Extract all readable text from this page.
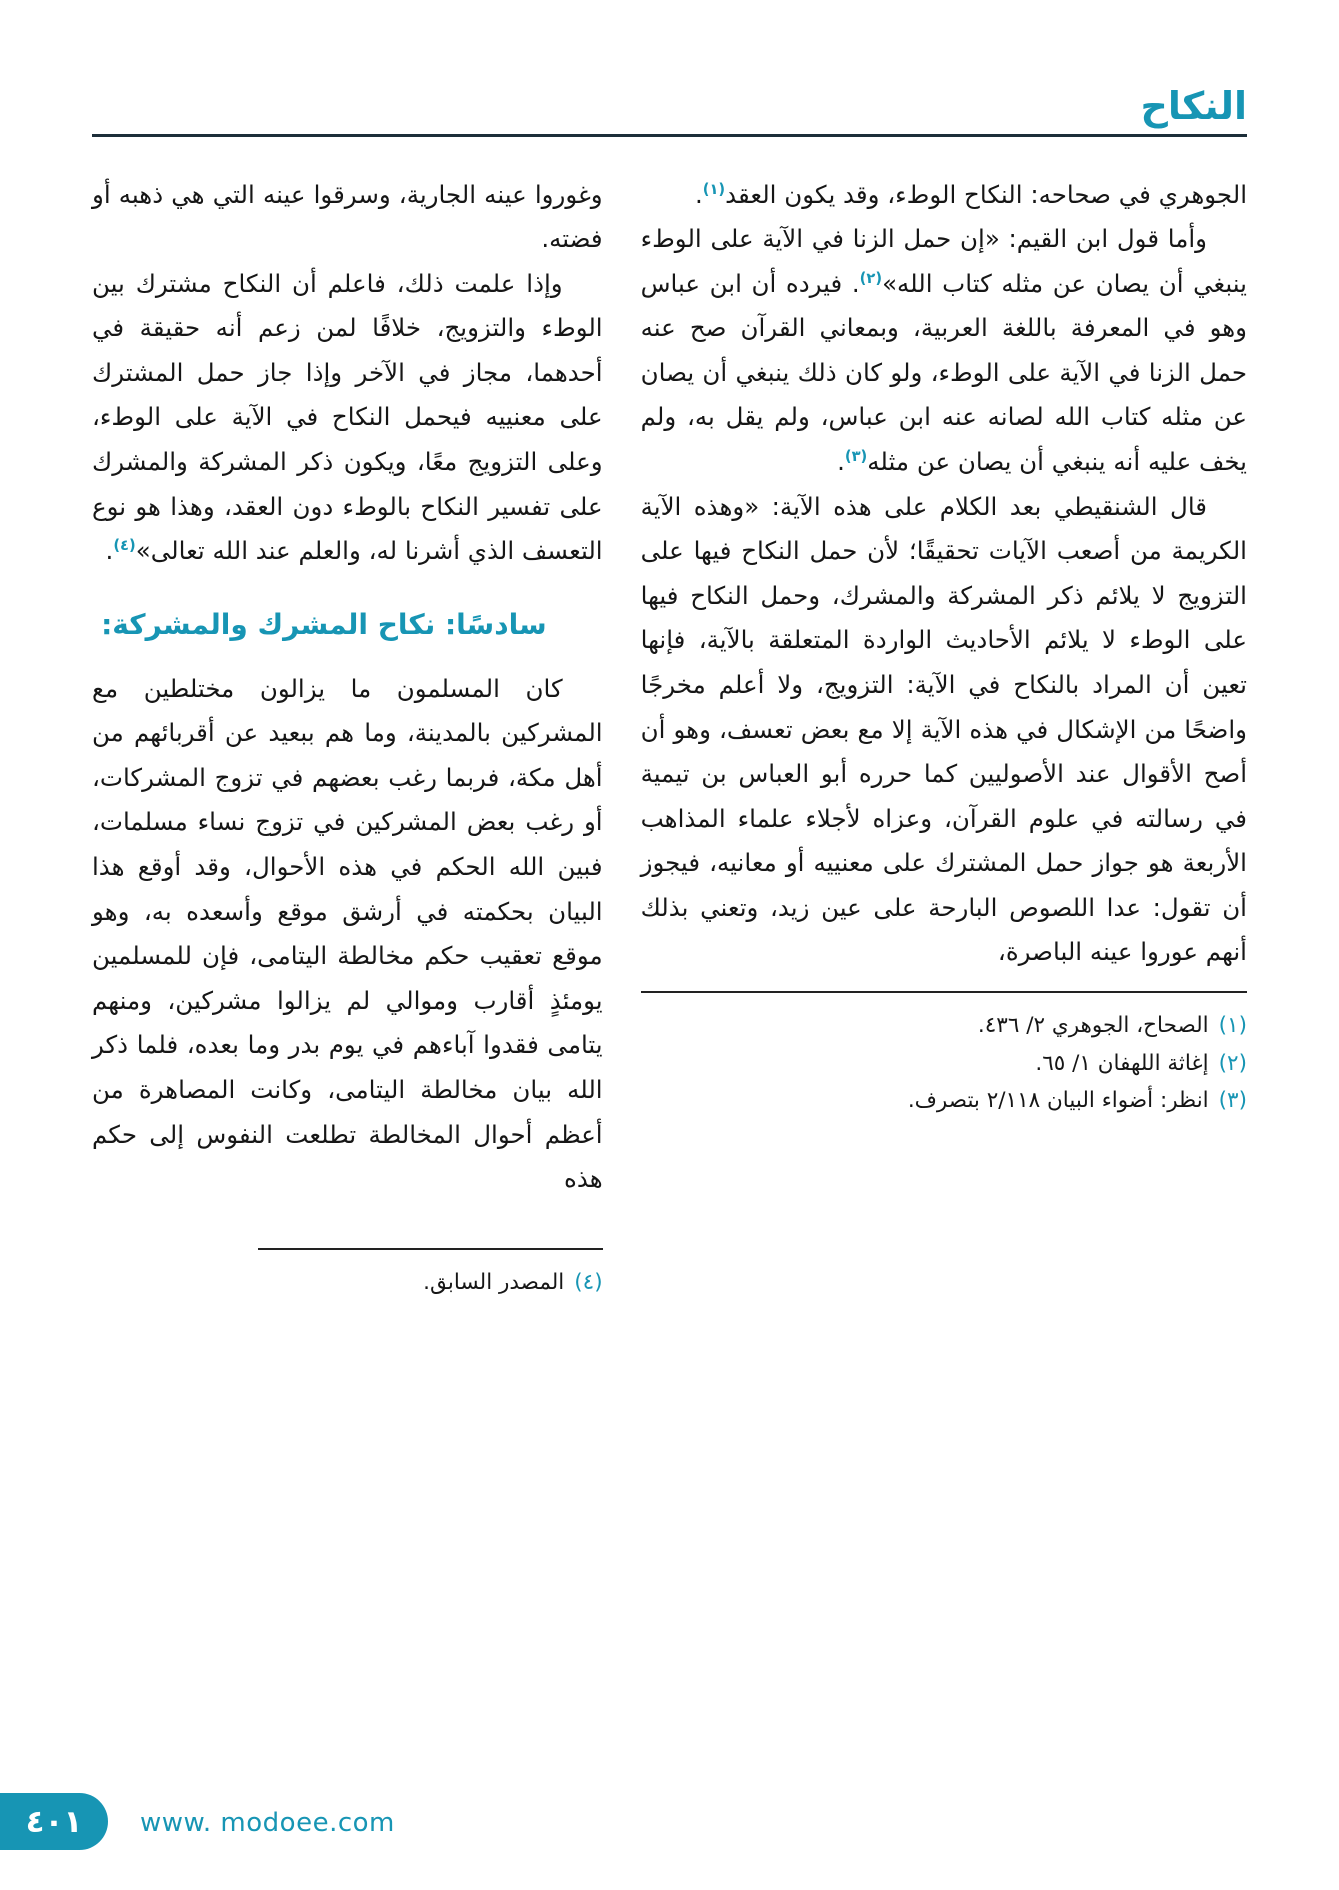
النكاح

الجوهري في صحاحه: النكاح الوطء، وقد يكون العقد$^{(١)}$.

وأما قول ابن القيم: «إن حمل الزنا في الآية على الوطء ينبغي أن يصان عن مثله كتاب الله»$^{(٢)}$. فيرده أن ابن عباس وهو في المعرفة باللغة العربية، وبمعاني القرآن صح عنه حمل الزنا في الآية على الوطء، ولو كان ذلك ينبغي أن يصان عن مثله كتاب الله لصانه عنه ابن عباس، ولم يقل به، ولم يخف عليه أنه ينبغي أن يصان عن مثله$^{(٣)}$.

قال الشنقيطي بعد الكلام على هذه الآية: «وهذه الآية الكريمة من أصعب الآيات تحقيقًا؛ لأن حمل النكاح فيها على التزويج لا يلائم ذكر المشركة والمشرك، وحمل النكاح فيها على الوطء لا يلائم الأحاديث الواردة المتعلقة بالآية، فإنها تعين أن المراد بالنكاح في الآية: التزويج، ولا أعلم مخرجًا واضحًا من الإشكال في هذه الآية إلا مع بعض تعسف، وهو أن أصح الأقوال عند الأصوليين كما حرره أبو العباس بن تيمية في رسالته في علوم القرآن، وعزاه لأجلاء علماء المذاهب الأربعة هو جواز حمل المشترك على معنييه أو معانيه، فيجوز أن تقول: عدا اللصوص البارحة على عين زيد، وتعني بذلك أنهم عوروا عينه الباصرة،

(١)
الصحاح، الجوهري ٢/ ٤٣٦.
(٢)
إغاثة اللهفان ١/ ٦٥.
(٣)
انظر: أضواء البيان ٢/١١٨ بتصرف.

وغوروا عينه الجارية، وسرقوا عينه التي هي ذهبه أو فضته.

وإذا علمت ذلك، فاعلم أن النكاح مشترك بين الوطء والتزويج، خلافًا لمن زعم أنه حقيقة في أحدهما، مجاز في الآخر وإذا جاز حمل المشترك على معنييه فيحمل النكاح في الآية على الوطء، وعلى التزويج معًا، ويكون ذكر المشركة والمشرك على تفسير النكاح بالوطء دون العقد، وهذا هو نوع التعسف الذي أشرنا له، والعلم عند الله تعالى»$^{(٤)}$.

سادسًا: نكاح المشرك والمشركة:

كان المسلمون ما يزالون مختلطين مع المشركين بالمدينة، وما هم ببعيد عن أقربائهم من أهل مكة، فربما رغب بعضهم في تزوج المشركات، أو رغب بعض المشركين في تزوج نساء مسلمات، فبين الله الحكم في هذه الأحوال، وقد أوقع هذا البيان بحكمته في أرشق موقع وأسعده به، وهو موقع تعقيب حكم مخالطة اليتامى، فإن للمسلمين يومئذٍ أقارب وموالي لم يزالوا مشركين، ومنهم يتامى فقدوا آباءهم في يوم بدر وما بعده، فلما ذكر الله بيان مخالطة اليتامى، وكانت المصاهرة من أعظم أحوال المخالطة تطلعت النفوس إلى حكم هذه

(٤)
المصدر السابق.
٤٠١ www. modoee.com
